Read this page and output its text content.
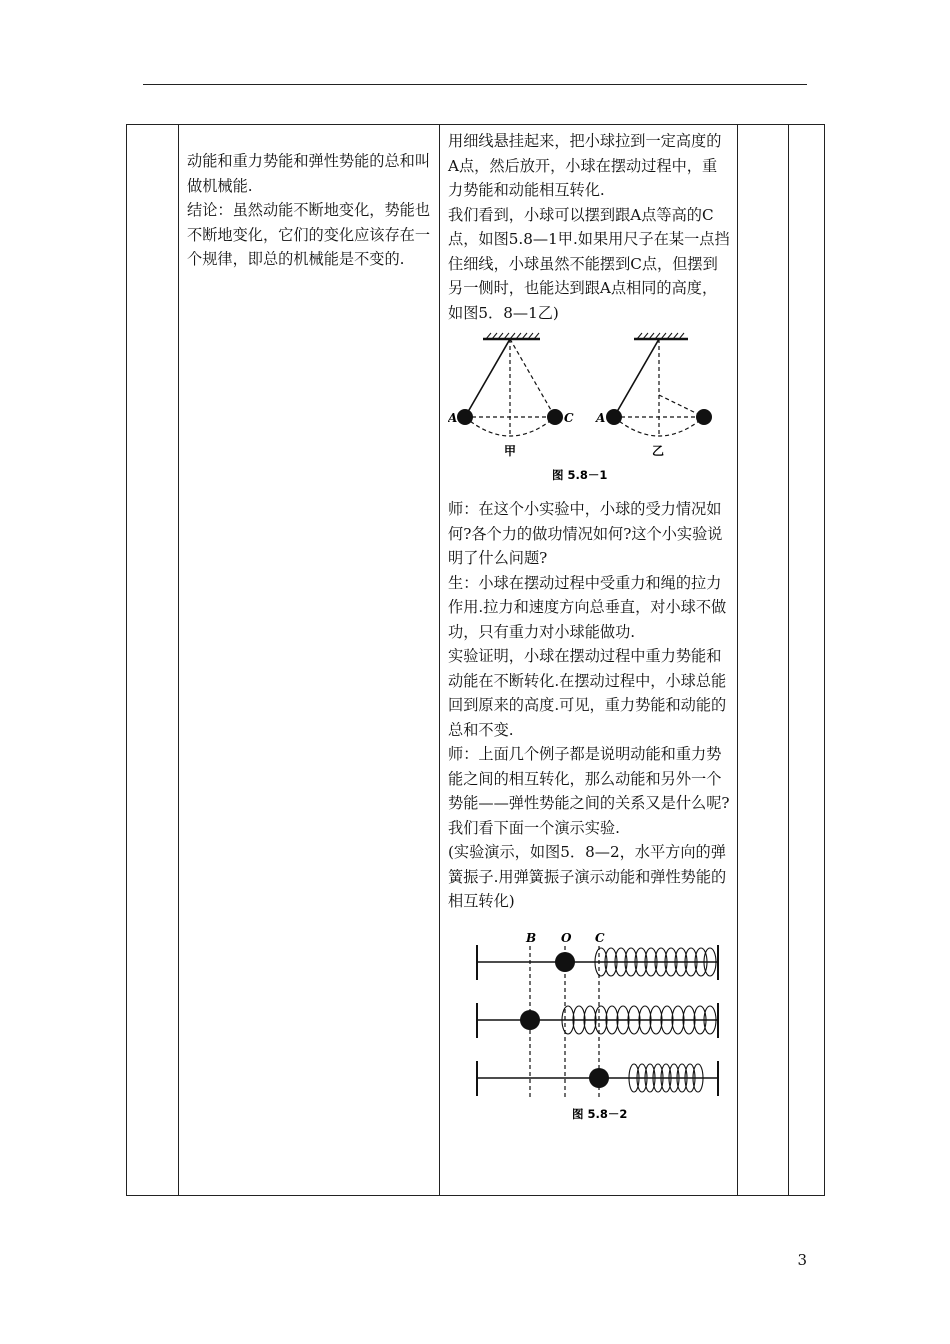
动能和重力势能和弹性势能的总和叫做机械能.

结论：虽然动能不断地变化，势能也不断地变化，它们的变化应该存在一个规律，即总的机械能是不变的.

用细线悬挂起来，把小球拉到一定高度的A点，然后放开，小球在摆动过程中，重力势能和动能相互转化.

我们看到，小球可以摆到跟A点等高的C点，如图5.8—1甲.如果用尺子在某一点挡住细线，小球虽然不能摆到C点，但摆到另一侧时，也能达到跟A点相同的高度，如图5．8—1乙)

A	C
甲
A
乙
图 5.8－1

师：在这个小实验中，小球的受力情况如何?各个力的做功情况如何?这个小实验说明了什么问题?

生：小球在摆动过程中受重力和绳的拉力作用.拉力和速度方向总垂直，对小球不做功，只有重力对小球能做功.

实验证明，小球在摆动过程中重力势能和动能在不断转化.在摆动过程中，小球总能回到原来的高度.可见，重力势能和动能的总和不变.

师：上面几个例子都是说明动能和重力势能之间的相互转化，那么动能和另外一个势能——弹性势能之间的关系又是什么呢?我们看下面一个演示实验.

(实验演示，如图5．8—2，水平方向的弹簧振子.用弹簧振子演示动能和弹性势能的相互转化)

B O C
图 5.8－2

3
